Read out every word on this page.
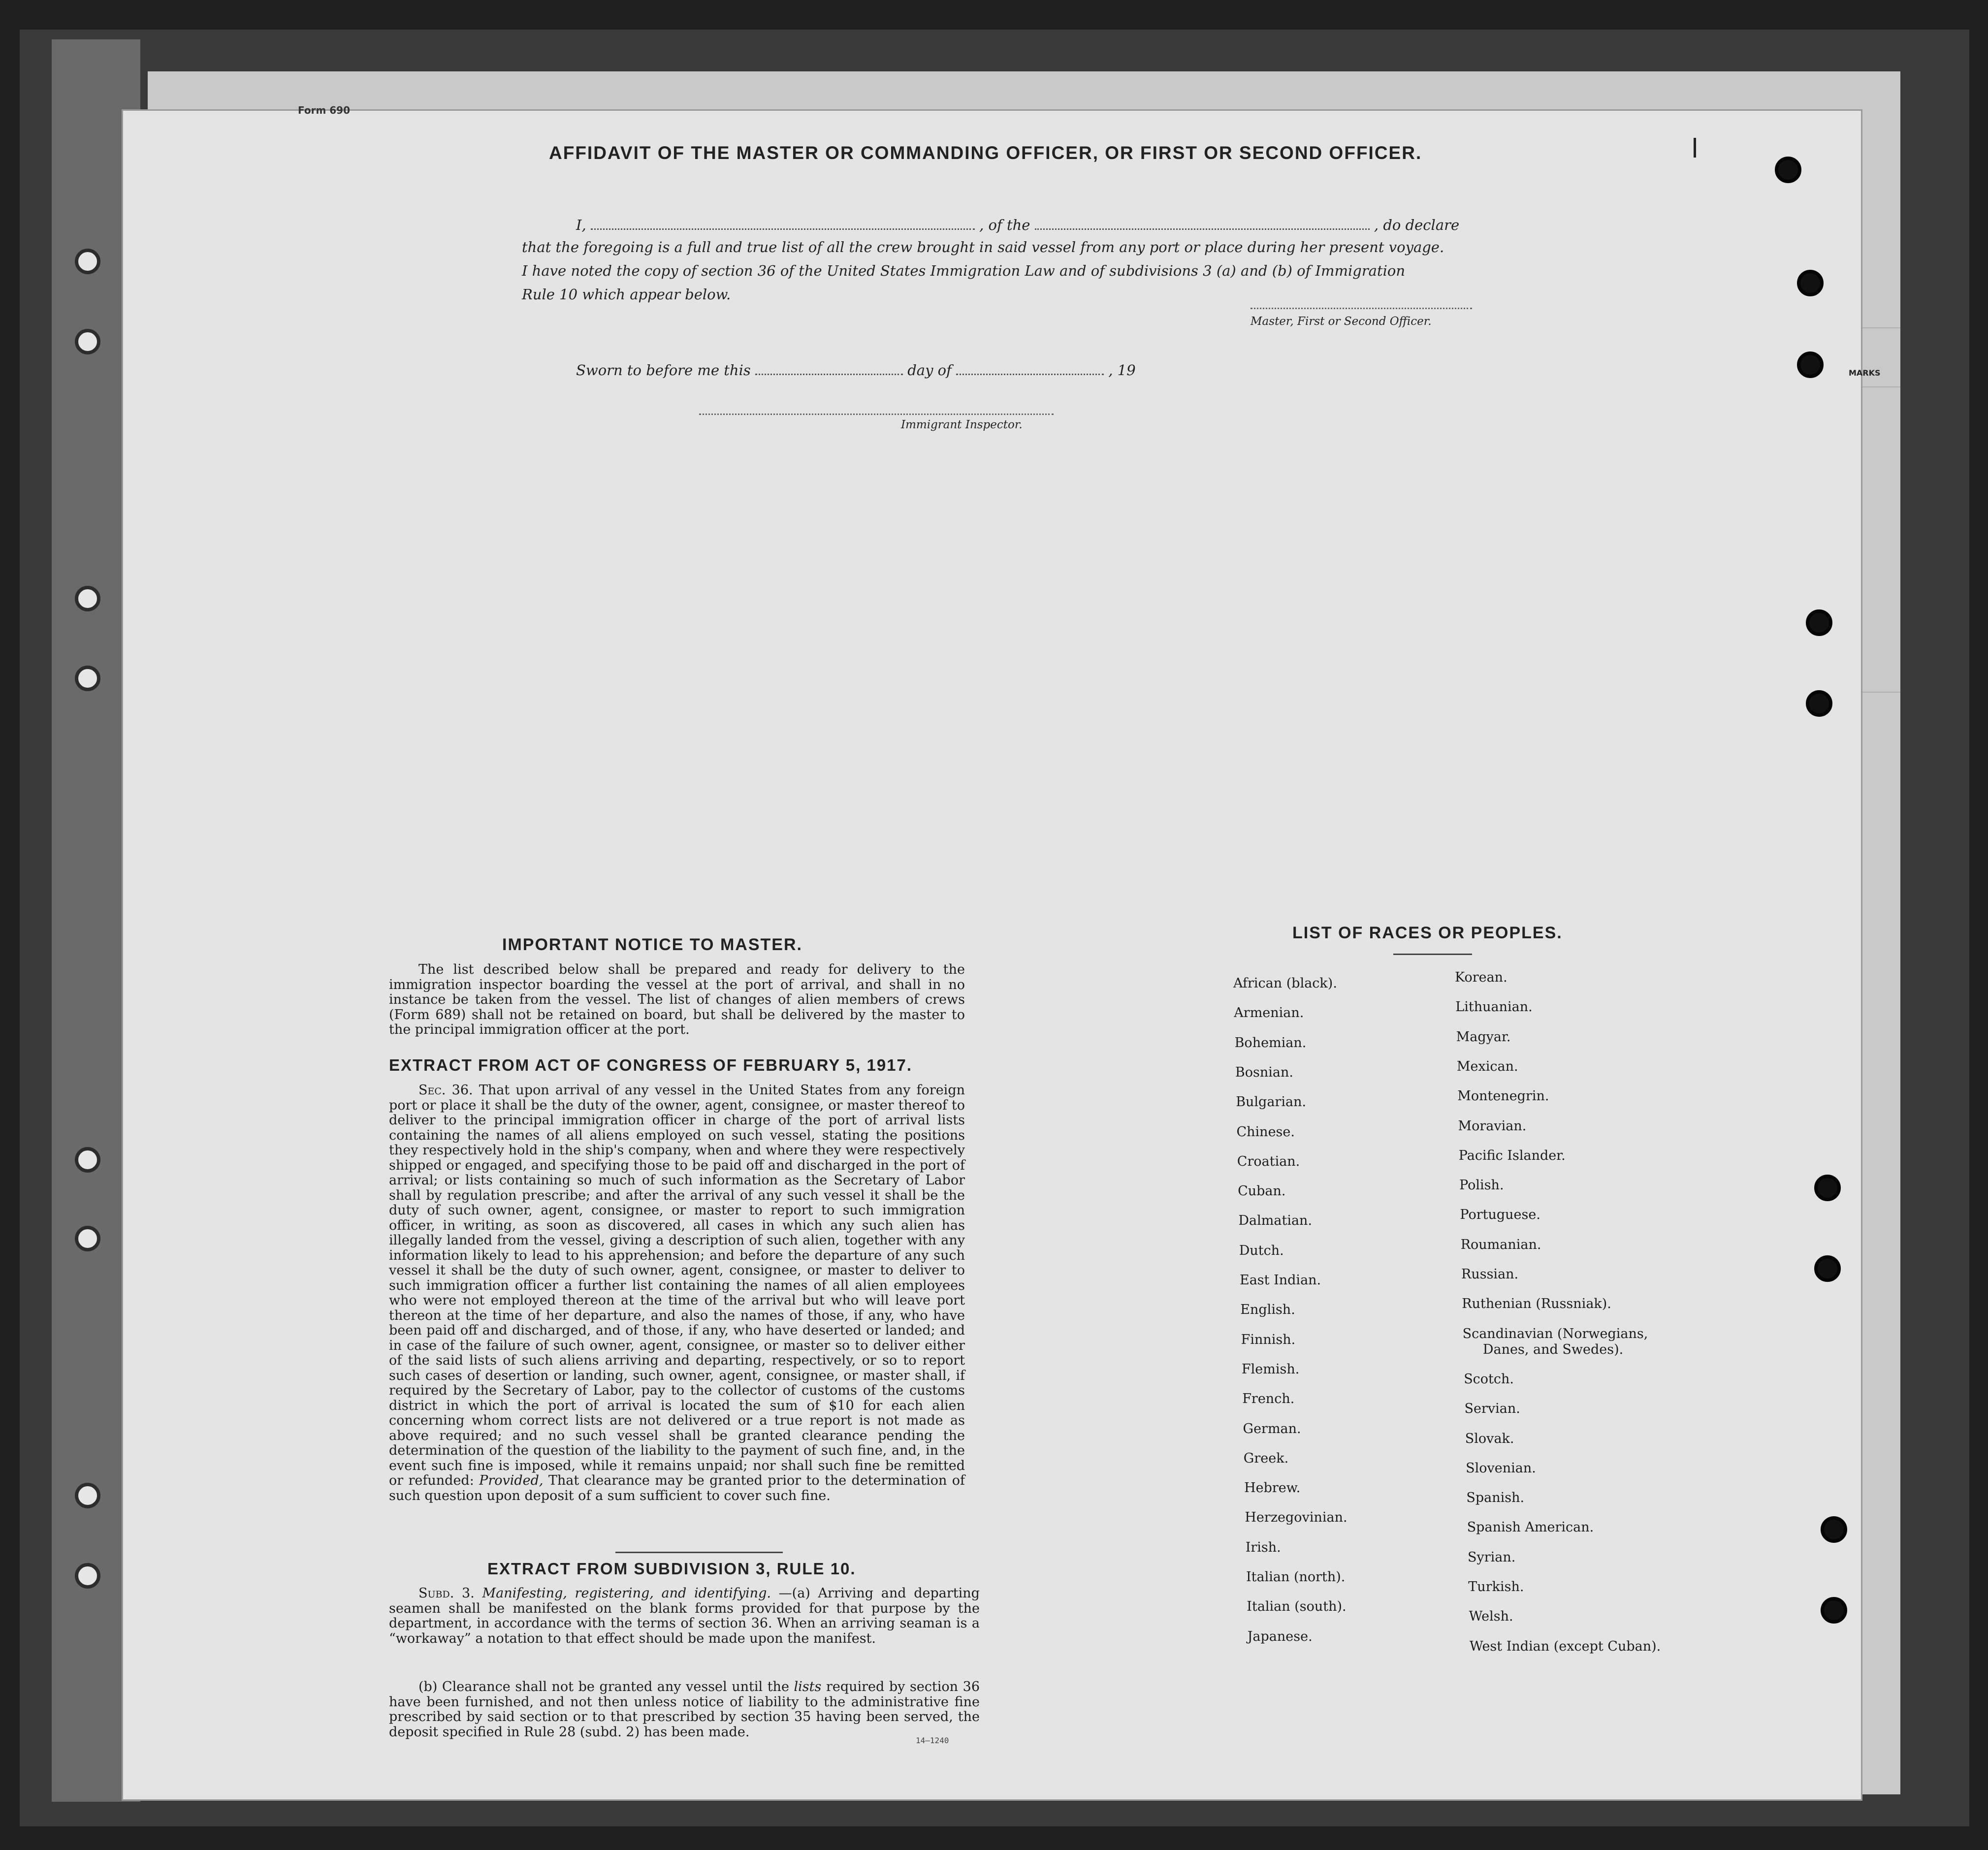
MARKS
Form 690
AFFIDAVIT OF THE MASTER OR COMMANDING OFFICER, OR FIRST OR SECOND OFFICER.
I,	, of the	, do declare
that the foregoing is a full and true list of all the crew brought in said vessel from any port or place during her present voyage.
I have noted the copy of section 36 of the United States Immigration Law and of subdivisions 3 (a) and (b) of Immigration
Rule 10 which appear below.
Master, First or Second Officer.
Sworn to before me this	day of	, 19
Immigrant Inspector.
IMPORTANT NOTICE TO MASTER.

The list described below shall be prepared and ready for delivery to the immigration inspector boarding the vessel at the port of arrival, and shall in no instance be taken from the vessel. The list of changes of alien members of crews (Form 689) shall not be retained on board, but shall be delivered by the master to the principal immigration officer at the port.

EXTRACT FROM ACT OF CONGRESS OF FEBRUARY 5, 1917.

Sec. 36. That upon arrival of any vessel in the United States from any foreign port or place it shall be the duty of the owner, agent, consignee, or master thereof to deliver to the principal immigration officer in charge of the port of arrival lists containing the names of all aliens employed on such vessel, stating the positions they respectively hold in the ship's company, when and where they were respectively shipped or engaged, and specifying those to be paid off and discharged in the port of arrival; or lists containing so much of such information as the Secretary of Labor shall by regulation prescribe; and after the arrival of any such vessel it shall be the duty of such owner, agent, consignee, or master to report to such immigration officer, in writing, as soon as discovered, all cases in which any such alien has illegally landed from the vessel, giving a description of such alien, together with any information likely to lead to his apprehension; and before the departure of any such vessel it shall be the duty of such owner, agent, consignee, or master to deliver to such immigration officer a further list containing the names of all alien employees who were not employed thereon at the time of the arrival but who will leave port thereon at the time of her departure, and also the names of those, if any, who have been paid off and discharged, and of those, if any, who have deserted or landed; and in case of the failure of such owner, agent, consignee, or master so to deliver either of the said lists of such aliens arriving and departing, respectively, or so to report such cases of desertion or landing, such owner, agent, consignee, or master shall, if required by the Secretary of Labor, pay to the collector of customs of the customs district in which the port of arrival is located the sum of $10 for each alien concerning whom correct lists are not delivered or a true report is not made as above required; and no such vessel shall be granted clearance pending the determination of the question of the liability to the payment of such fine, and, in the event such fine is imposed, while it remains unpaid; nor shall such fine be remitted or refunded: Provided, That clearance may be granted prior to the determination of such question upon deposit of a sum sufficient to cover such fine.

EXTRACT FROM SUBDIVISION 3, RULE 10.

Subd. 3. Manifesting, registering, and identifying. —(a) Arriving and departing seamen shall be manifested on the blank forms provided for that purpose by the department, in accordance with the terms of section 36. When an arriving seaman is a “workaway” a notation to that effect should be made upon the manifest.

(b) Clearance shall not be granted any vessel until the lists required by section 36 have been furnished, and not then unless notice of liability to the administrative fine prescribed by said section or to that prescribed by section 35 having been served, the deposit specified in Rule 28 (subd. 2) has been made.

14—1240
LIST OF RACES OR PEOPLES.
African (black).
Armenian.
Bohemian.
Bosnian.
Bulgarian.
Chinese.
Croatian.
Cuban.
Dalmatian.
Dutch.
East Indian.
English.
Finnish.
Flemish.
French.
German.
Greek.
Hebrew.
Herzegovinian.
Irish.
Italian (north).
Italian (south).
Japanese.
Korean.
Lithuanian.
Magyar.
Mexican.
Montenegrin.
Moravian.
Pacific Islander.
Polish.
Portuguese.
Roumanian.
Russian.
Ruthenian (Russniak).
Scandinavian (Norwegians,
Danes, and Swedes).
Scotch.
Servian.
Slovak.
Slovenian.
Spanish.
Spanish American.
Syrian.
Turkish.
Welsh.
West Indian (except Cuban).
